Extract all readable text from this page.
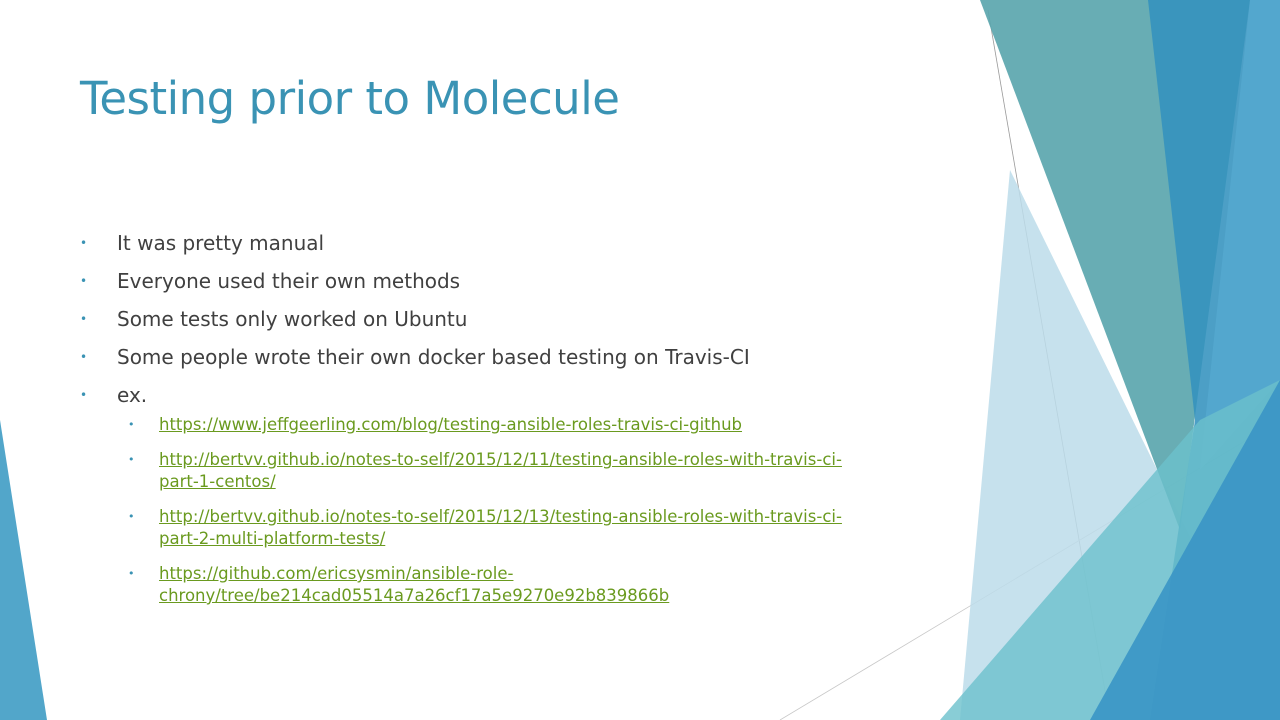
Testing prior to Molecule
• It was pretty manual
• Everyone used their own methods
• Some tests only worked on Ubuntu
• Some people wrote their own docker based testing on Travis-CI
• ex.
• https://www.jeffgeerling.com/blog/testing-ansible-roles-travis-ci-github
• http://bertvv.github.io/notes-to-self/2015/12/11/testing-ansible-roles-with-travis-ci-
part-1-centos/
• http://bertvv.github.io/notes-to-self/2015/12/13/testing-ansible-roles-with-travis-ci-
part-2-multi-platform-tests/
• https://github.com/ericsysmin/ansible-role-
chrony/tree/be214cad05514a7a26cf17a5e9270e92b839866b
